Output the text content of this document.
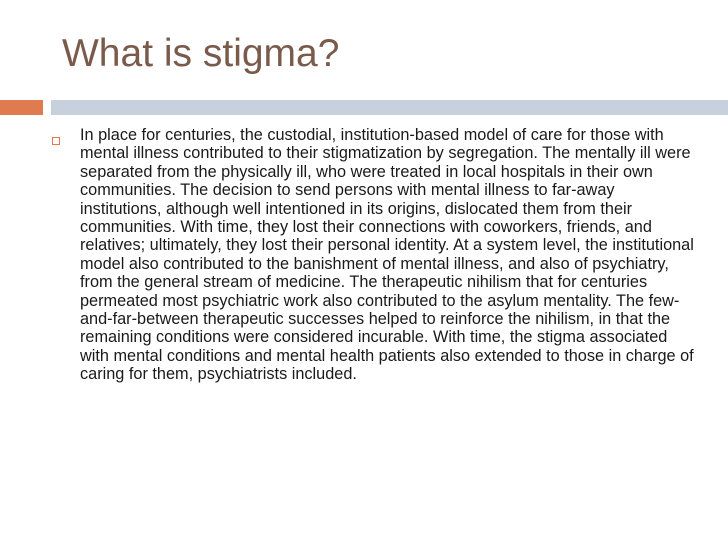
What is stigma?
In place for centuries, the custodial, institution-based model of care for those with mental illness contributed to their stigmatization by segregation. The mentally ill were separated from the physically ill, who were treated in local hospitals in their own communities. The decision to send persons with mental illness to far-away institutions, although well intentioned in its origins, dislocated them from their communities. With time, they lost their connections with coworkers, friends, and relatives; ultimately, they lost their personal identity. At a system level, the institutional model also contributed to the banishment of mental illness, and also of psychiatry, from the general stream of medicine. The therapeutic nihilism that for centuries permeated most psychiatric work also contributed to the asylum mentality. The few-and-far-between therapeutic successes helped to reinforce the nihilism, in that the remaining conditions were considered incurable. With time, the stigma associated with mental conditions and mental health patients also extended to those in charge of caring for them, psychiatrists included.
